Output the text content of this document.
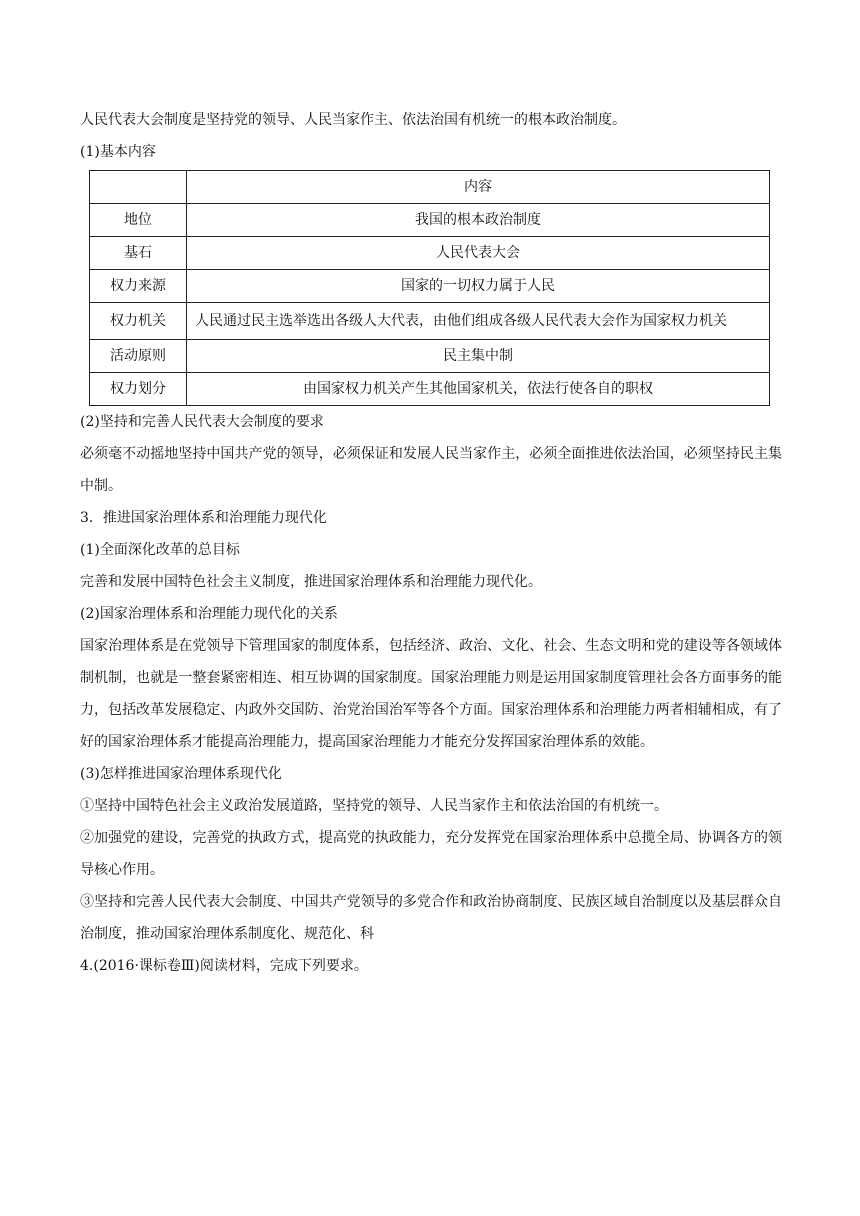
人民代表大会制度是坚持党的领导、人民当家作主、依法治国有机统一的根本政治制度。

(1)基本内容

	内容
地位	我国的根本政治制度
基石	人民代表大会
权力来源	国家的一切权力属于人民
权力机关	人民通过民主选举选出各级人大代表，由他们组成各级人民代表大会作为国家权力机关
活动原则	民主集中制
权力划分	由国家权力机关产生其他国家机关，依法行使各自的职权

(2)坚持和完善人民代表大会制度的要求

必须毫不动摇地坚持中国共产党的领导，必须保证和发展人民当家作主，必须全面推进依法治国，必须坚持民主集中制。

3．推进国家治理体系和治理能力现代化

(1)全面深化改革的总目标

完善和发展中国特色社会主义制度，推进国家治理体系和治理能力现代化。

(2)国家治理体系和治理能力现代化的关系

国家治理体系是在党领导下管理国家的制度体系，包括经济、政治、文化、社会、生态文明和党的建设等各领域体制机制，也就是一整套紧密相连、相互协调的国家制度。国家治理能力则是运用国家制度管理社会各方面事务的能力，包括改革发展稳定、内政外交国防、治党治国治军等各个方面。国家治理体系和治理能力两者相辅相成，有了好的国家治理体系才能提高治理能力，提高国家治理能力才能充分发挥国家治理体系的效能。

(3)怎样推进国家治理体系现代化

①坚持中国特色社会主义政治发展道路，坚持党的领导、人民当家作主和依法治国的有机统一。

②加强党的建设，完善党的执政方式，提高党的执政能力，充分发挥党在国家治理体系中总揽全局、协调各方的领导核心作用。

③坚持和完善人民代表大会制度、中国共产党领导的多党合作和政治协商制度、民族区域自治制度以及基层群众自治制度，推动国家治理体系制度化、规范化、科

4.(2016·课标卷Ⅲ)阅读材料，完成下列要求。
